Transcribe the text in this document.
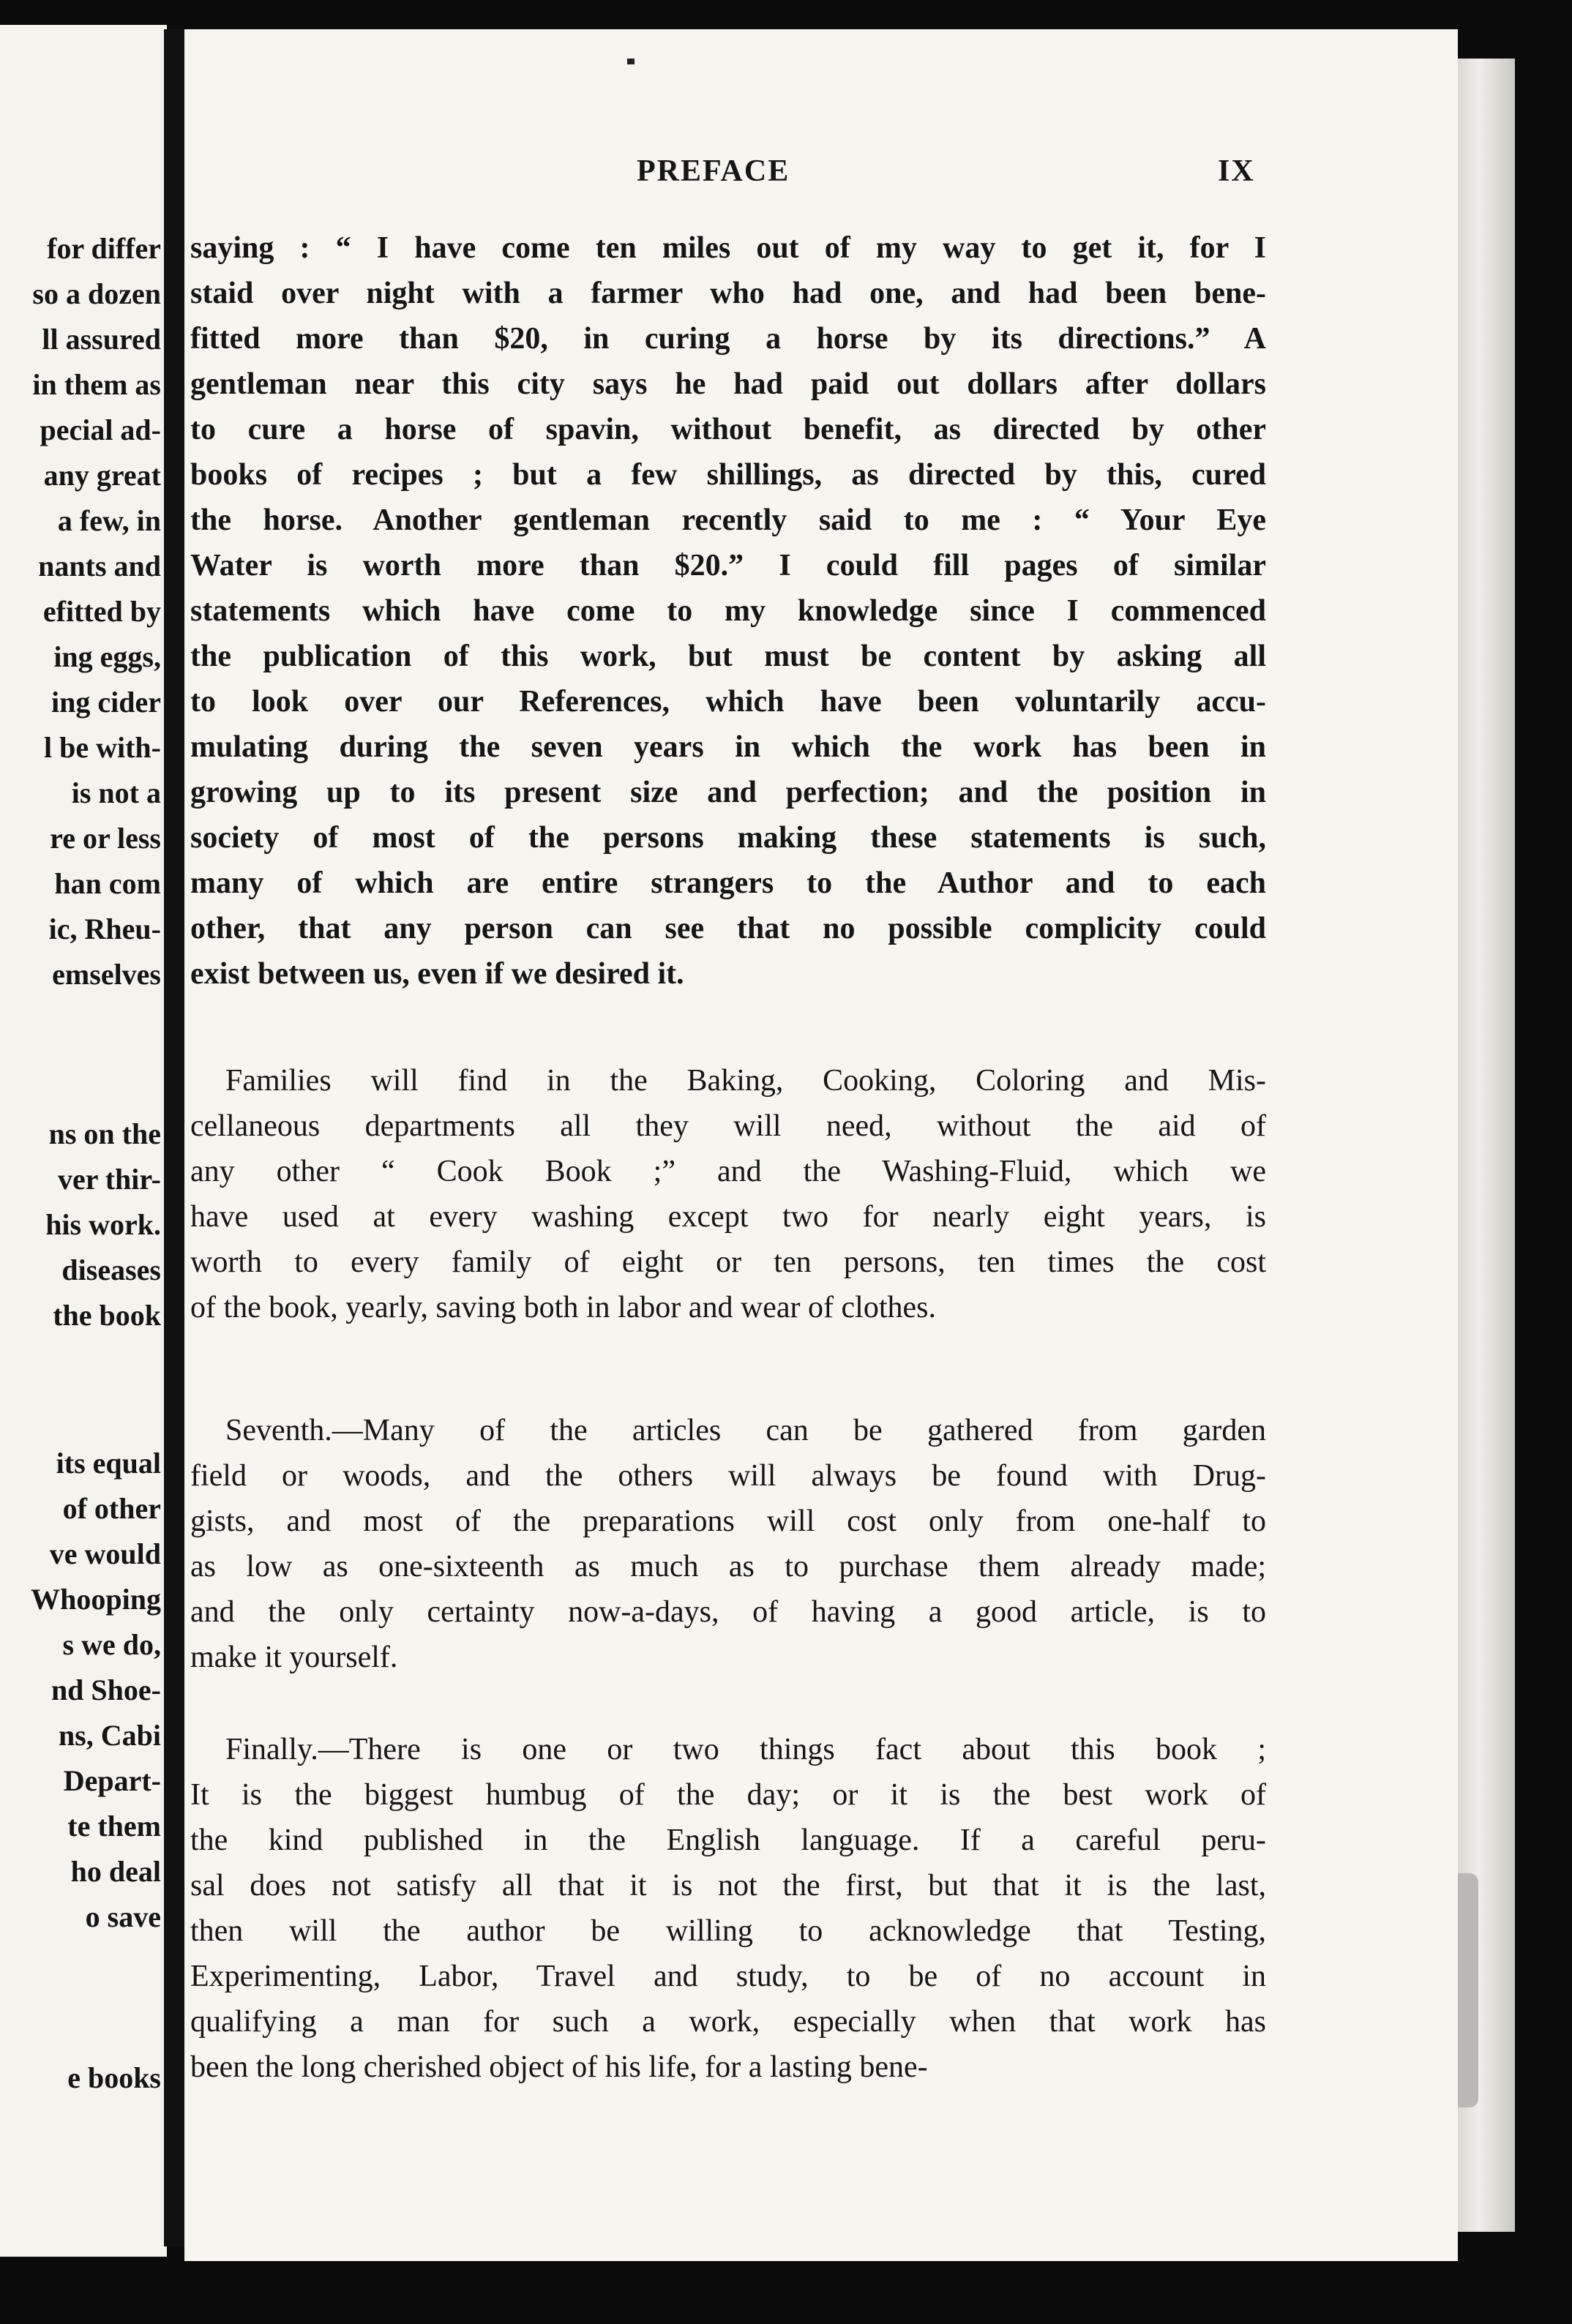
for differ
so a dozen
ll assured
in them as
pecial ad-
any great
a few, in
nants and
efitted by
ing eggs,
ing cider
l be with-
is not a
re or less
han com
ic, Rheu-
emselves
ns on the
ver thir-
his work.
diseases
the book
its equal
of other
ve would
Whooping
s we do,
nd Shoe-
ns, Cabi
Depart-
te them
ho deal
o save
e books
PREFACE	IX
saying : “ I have come ten miles out of my way to get it, for I
staid over night with a farmer who had one, and had been bene-
fitted more than $20, in curing a horse by its directions.” A
gentleman near this city says he had paid out dollars after dollars
to cure a horse of spavin, without benefit, as directed by other
books of recipes ; but a few shillings, as directed by this, cured
the horse. Another gentleman recently said to me : “ Your Eye
Water is worth more than $20.” I could fill pages of similar
statements which have come to my knowledge since I commenced
the publication of this work, but must be content by asking all
to look over our References, which have been voluntarily accu-
mulating during the seven years in which the work has been in
growing up to its present size and perfection; and the position in
society of most of the persons making these statements is such,
many of which are entire strangers to the Author and to each
other, that any person can see that no possible complicity could
exist between us, even if we desired it.
Families will find in the Baking, Cooking, Coloring and Mis-
cellaneous departments all they will need, without the aid of
any other “ Cook Book ;” and the Washing-Fluid, which we
have used at every washing except two for nearly eight years, is
worth to every family of eight or ten persons, ten times the cost
of the book, yearly, saving both in labor and wear of clothes.
Seventh.—Many of the articles can be gathered from garden
field or woods, and the others will always be found with Drug-
gists, and most of the preparations will cost only from one-half to
as low as one-sixteenth as much as to purchase them already made;
and the only certainty now-a-days, of having a good article, is to
make it yourself.
Finally.—There is one or two things fact about this book ;
It is the biggest humbug of the day; or it is the best work of
the kind published in the English language. If a careful peru-
sal does not satisfy all that it is not the first, but that it is the last,
then will the author be willing to acknowledge that Testing,
Experimenting, Labor, Travel and study, to be of no account in
qualifying a man for such a work, especially when that work has
been the long cherished object of his life, for a lasting bene-
